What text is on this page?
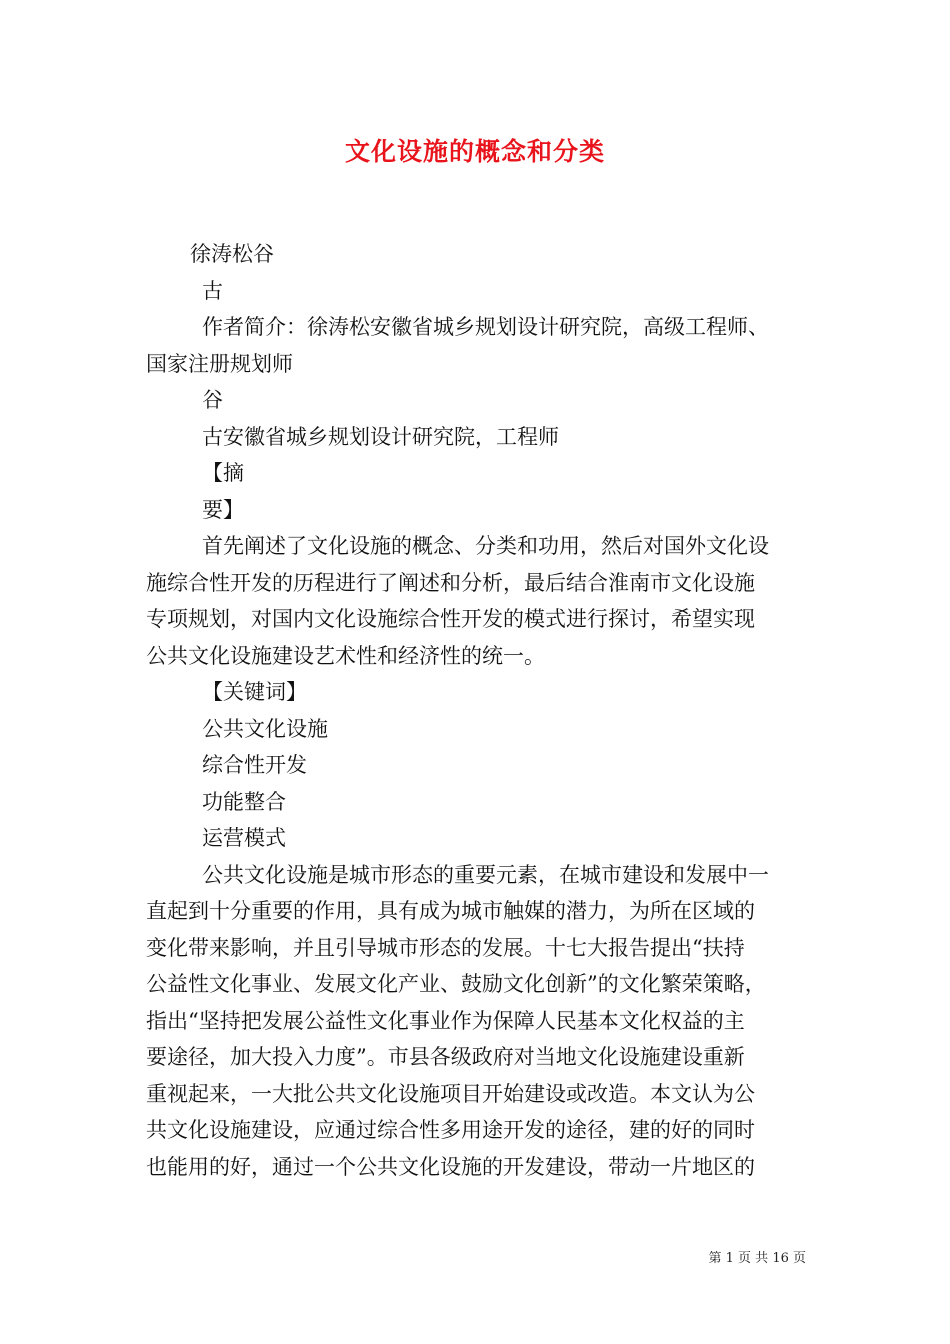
文化设施的概念和分类
徐涛松谷
古
作者简介：徐涛松安徽省城乡规划设计研究院，高级工程师、
国家注册规划师
谷
古安徽省城乡规划设计研究院，工程师
【摘
要】
首先阐述了文化设施的概念、分类和功用，然后对国外文化设
施综合性开发的历程进行了阐述和分析，最后结合淮南市文化设施
专项规划，对国内文化设施综合性开发的模式进行探讨，希望实现
公共文化设施建设艺术性和经济性的统一。
【关键词】
公共文化设施
综合性开发
功能整合
运营模式
公共文化设施是城市形态的重要元素，在城市建设和发展中一
直起到十分重要的作用，具有成为城市触媒的潜力，为所在区域的
变化带来影响，并且引导城市形态的发展。十七大报告提出“扶持
公益性文化事业、发展文化产业、鼓励文化创新”的文化繁荣策略，
指出“坚持把发展公益性文化事业作为保障人民基本文化权益的主
要途径，加大投入力度”。市县各级政府对当地文化设施建设重新
重视起来，一大批公共文化设施项目开始建设或改造。本文认为公
共文化设施建设，应通过综合性多用途开发的途径，建的好的同时
也能用的好，通过一个公共文化设施的开发建设，带动一片地区的
第 1 页 共 16 页
